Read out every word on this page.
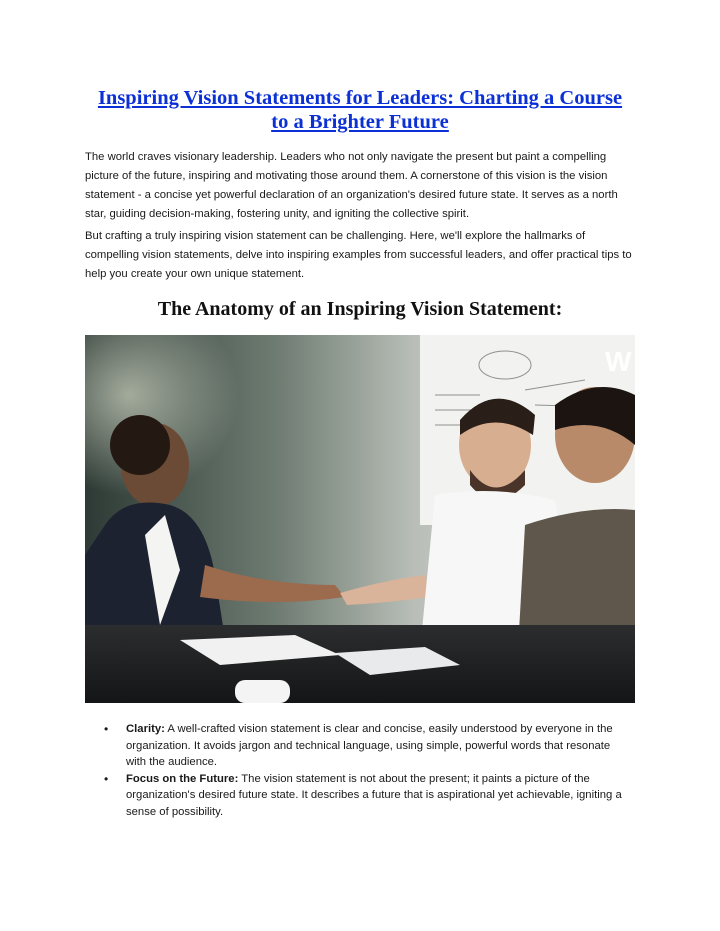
Inspiring Vision Statements for Leaders: Charting a Course
to a Brighter Future

The world craves visionary leadership. Leaders who not only navigate the present but paint a compelling picture of the future, inspiring and motivating those around them. A cornerstone of this vision is the vision statement - a concise yet powerful declaration of an organization's desired future state. It serves as a north star, guiding decision-making, fostering unity, and igniting the collective spirit.

But crafting a truly inspiring vision statement can be challenging. Here, we'll explore the hallmarks of compelling vision statements, delve into inspiring examples from successful leaders, and offer practical tips to help you create your own unique statement.

The Anatomy of an Inspiring Vision Statement:
W
• Clarity: A well-crafted vision statement is clear and concise, easily understood by everyone in the organization. It avoids jargon and technical language, using simple, powerful words that resonate with the audience.
• Focus on the Future: The vision statement is not about the present; it paints a picture of the organization's desired future state. It describes a future that is aspirational yet achievable, igniting a sense of possibility.
